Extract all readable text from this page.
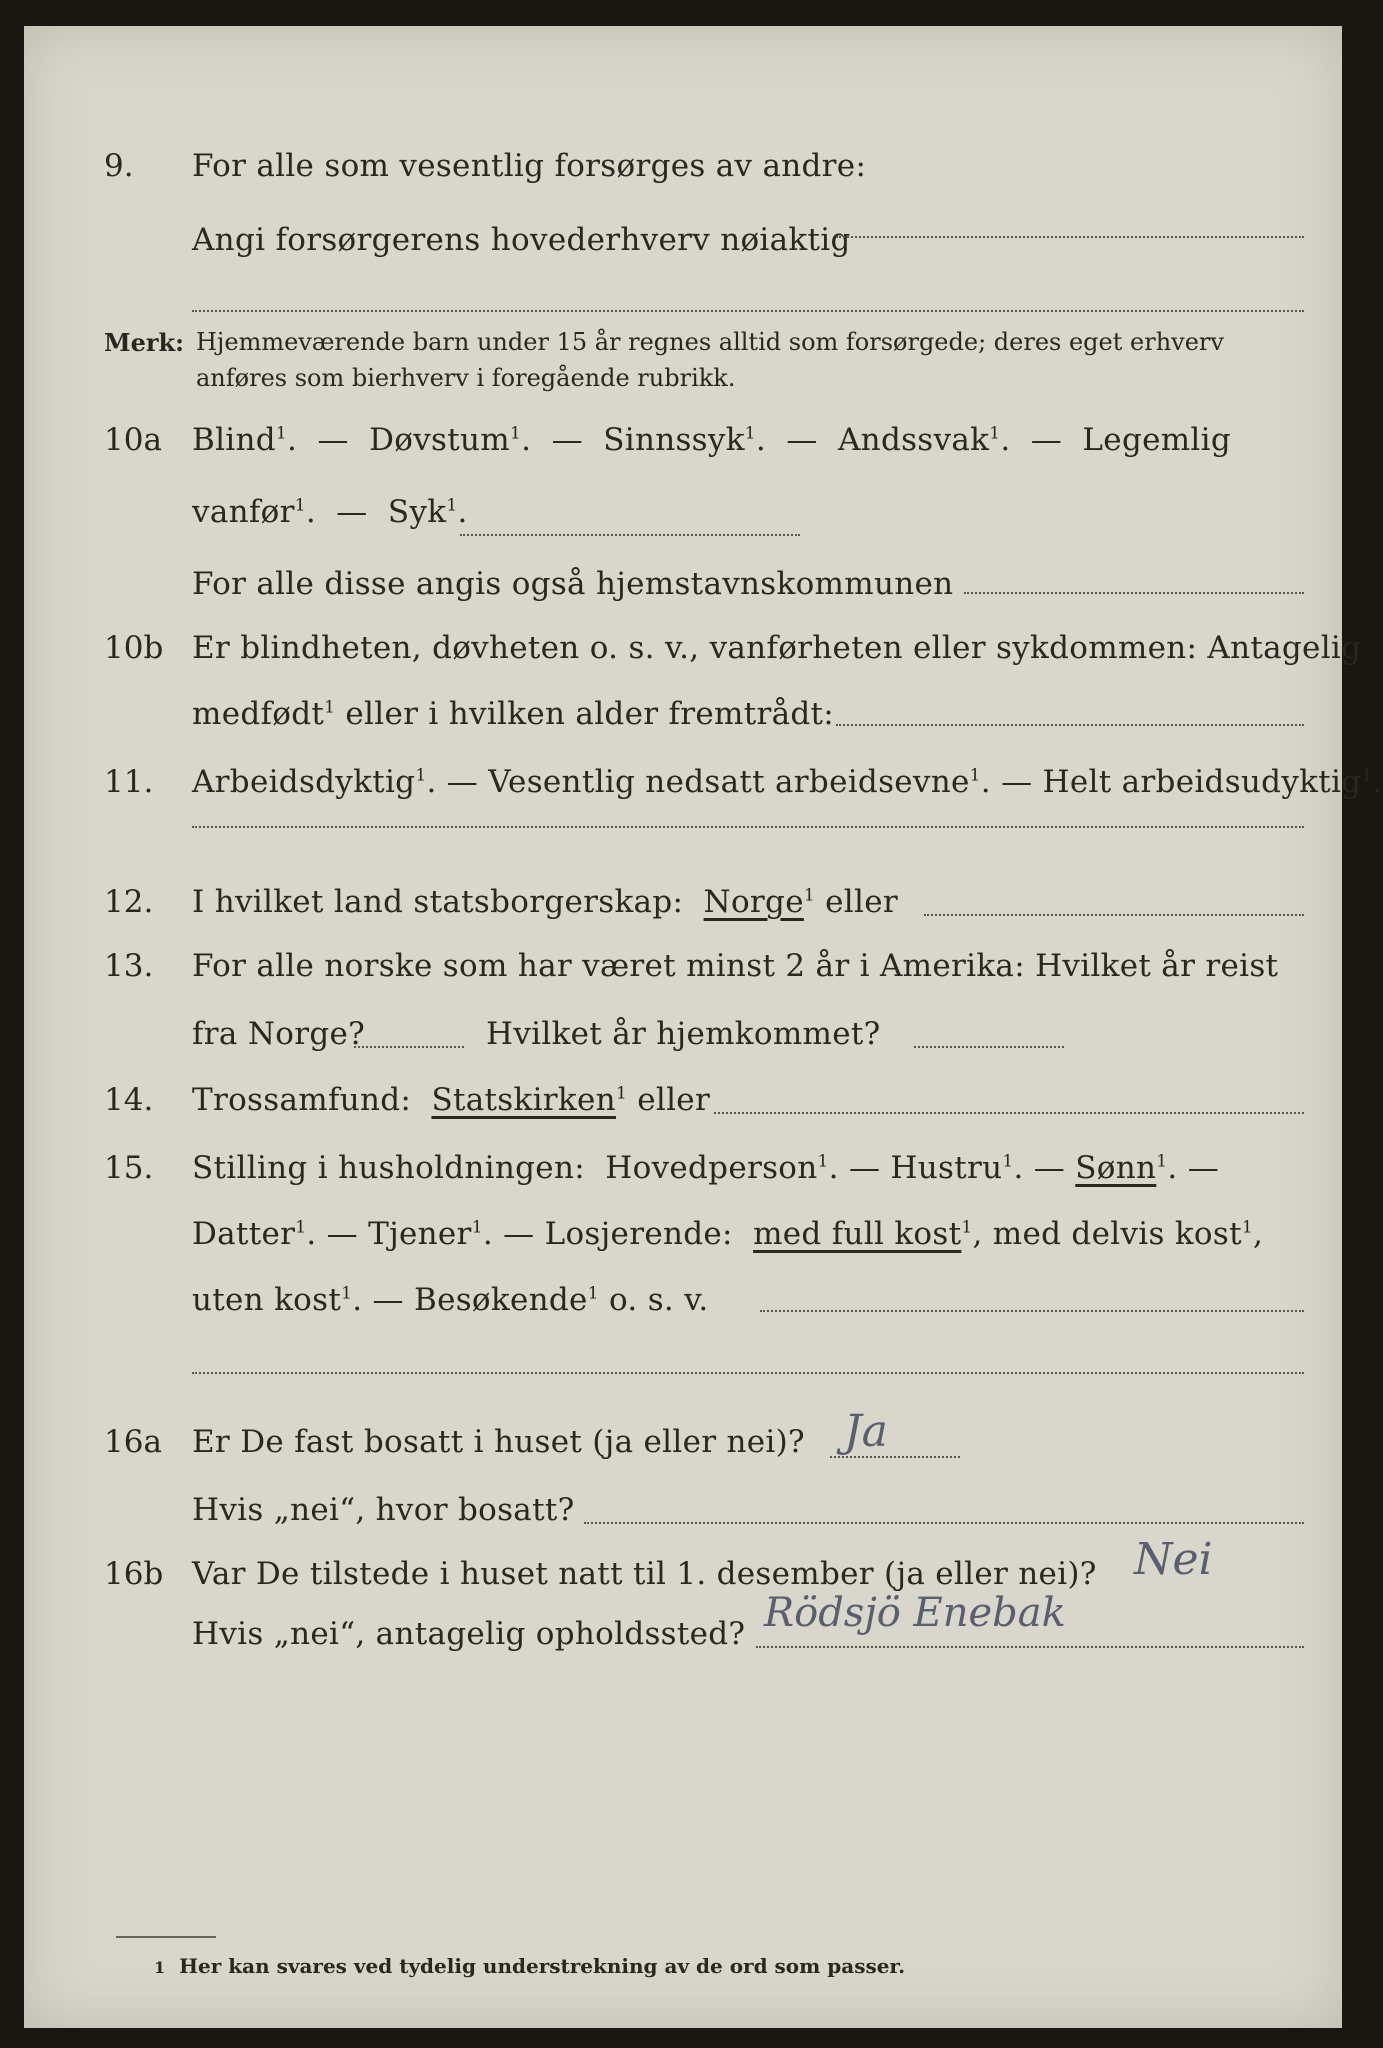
9. For alle som vesentlig forsørges av andre:
Angi forsørgerens hovederhverv nøiaktig
Merk: Hjemmeværende barn under 15 år regnes alltid som forsørgede; deres eget erhverv
anføres som bierhverv i foregående rubrikk.
10a Blind$^1$.  —  Døvstum$^1$.  —  Sinnssyk$^1$.  —  Andssvak$^1$.  —  Legemlig
vanfør$^1$.  —  Syk$^1$.
For alle disse angis også hjemstavnskommunen
10b Er blindheten, døvheten o. s. v., vanførheten eller sykdommen: Antagelig
medfødt$^1$ eller i hvilken alder fremtrådt:
11. Arbeidsdyktig$^1$. — Vesentlig nedsatt arbeidsevne$^1$. — Helt arbeidsudyktig$^1$.
12. I hvilket land statsborgerskap: Norge$^1$ eller
13. For alle norske som har været minst 2 år i Amerika: Hvilket år reist
fra Norge?	Hvilket år hjemkommet?
14. Trossamfund: Statskirken$^1$ eller
15. Stilling i husholdningen: Hovedperson$^1$. — Hustru$^1$. — Sønn$^1$. —
Datter$^1$. — Tjener$^1$. — Losjerende: med full kost$^1$, med delvis kost$^1$,
uten kost$^1$. — Besøkende$^1$ o. s. v.
16a Er De fast bosatt i huset (ja eller nei)? Ja
Hvis „nei“, hvor bosatt?
16b Var De tilstede i huset natt til 1. desember (ja eller nei)? Nei
Hvis „nei“, antagelig opholdssted? Rödsjö Enebak
1 Her kan svares ved tydelig understrekning av de ord som passer.
